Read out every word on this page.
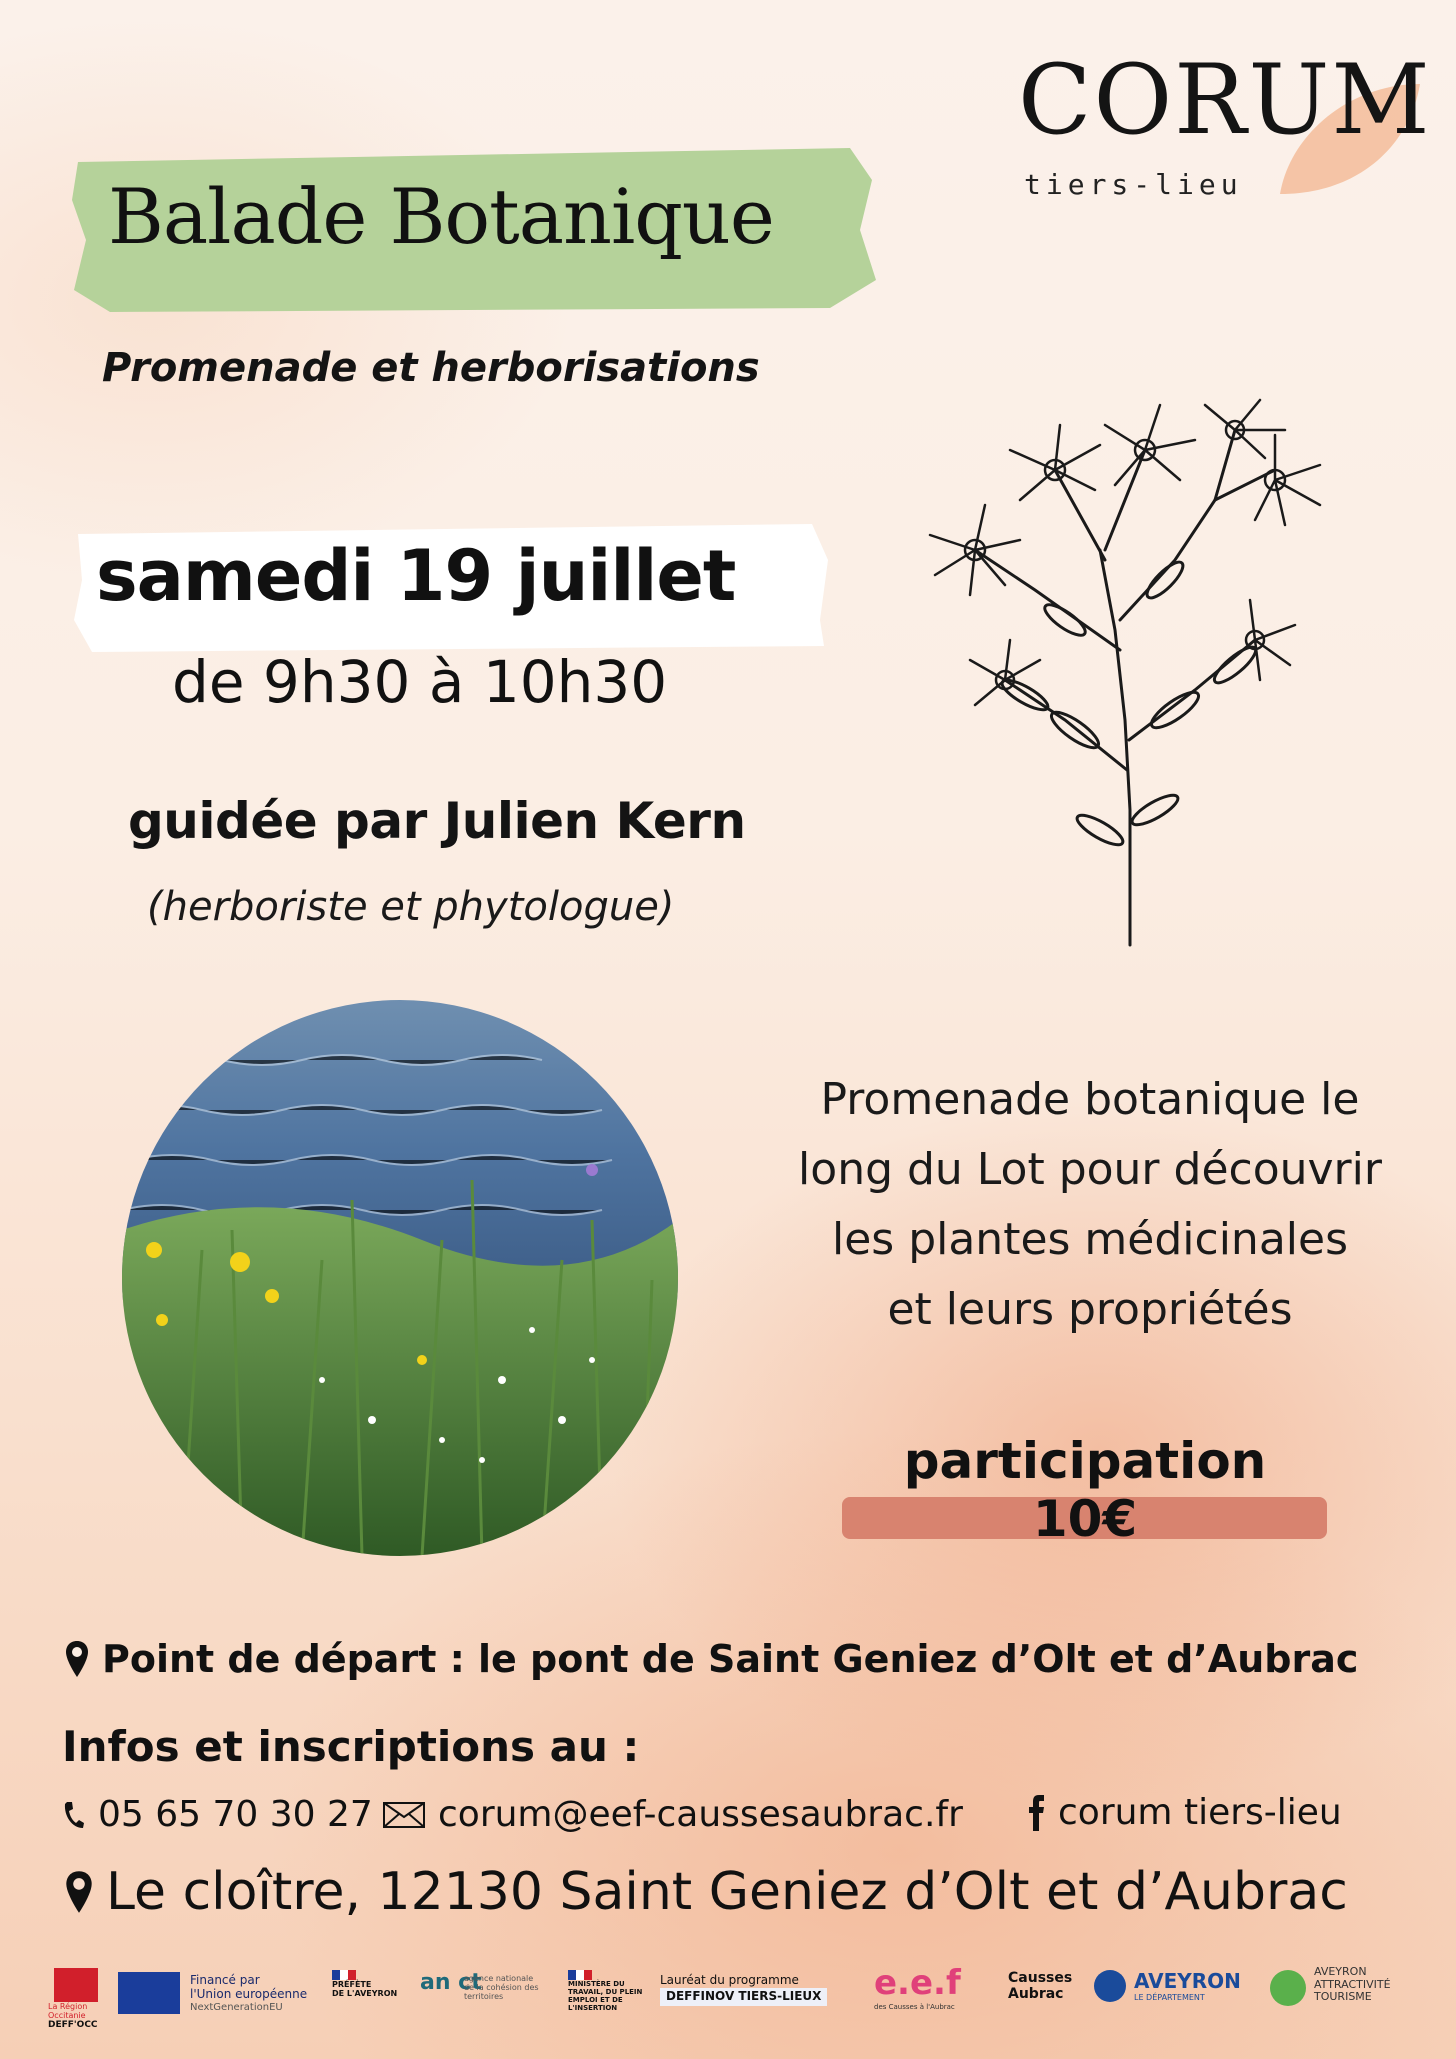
CORUM
tiers-lieu
Balade Botanique
Promenade et herborisations
samedi 19 juillet
de 9h30 à 10h30
guidée par Julien Kern
(herboriste et phytologue)
Promenade botanique le
long du Lot pour découvrir
les plantes médicinales
et leurs propriétés
participation 10€
Point de départ : le pont de Saint Geniez d’Olt et d’Aubrac
Infos et inscriptions au :
05 65 70 30 27 corum@eef-caussesaubrac.fr	corum tiers-lieu
Le cloître, 12130 Saint Geniez d’Olt et d’Aubrac
La Région Occitanie
DEFF'OCC
Financé par
l'Union européenne
NextGenerationEU
PRÉFÈTE
DE L'AVEYRON	an ct
agence nationale de la cohésion des territoires
MINISTÈRE DU TRAVAIL, DU PLEIN EMPLOI ET DE L'INSERTION
Lauréat du programme
DEFFINOV TIERS-LIEUX	e.e.f
des Causses à l'Aubrac
Causses Aubrac
AVEYRON
LE DÉPARTEMENT
AVEYRON
ATTRACTIVITÉ
TOURISME
